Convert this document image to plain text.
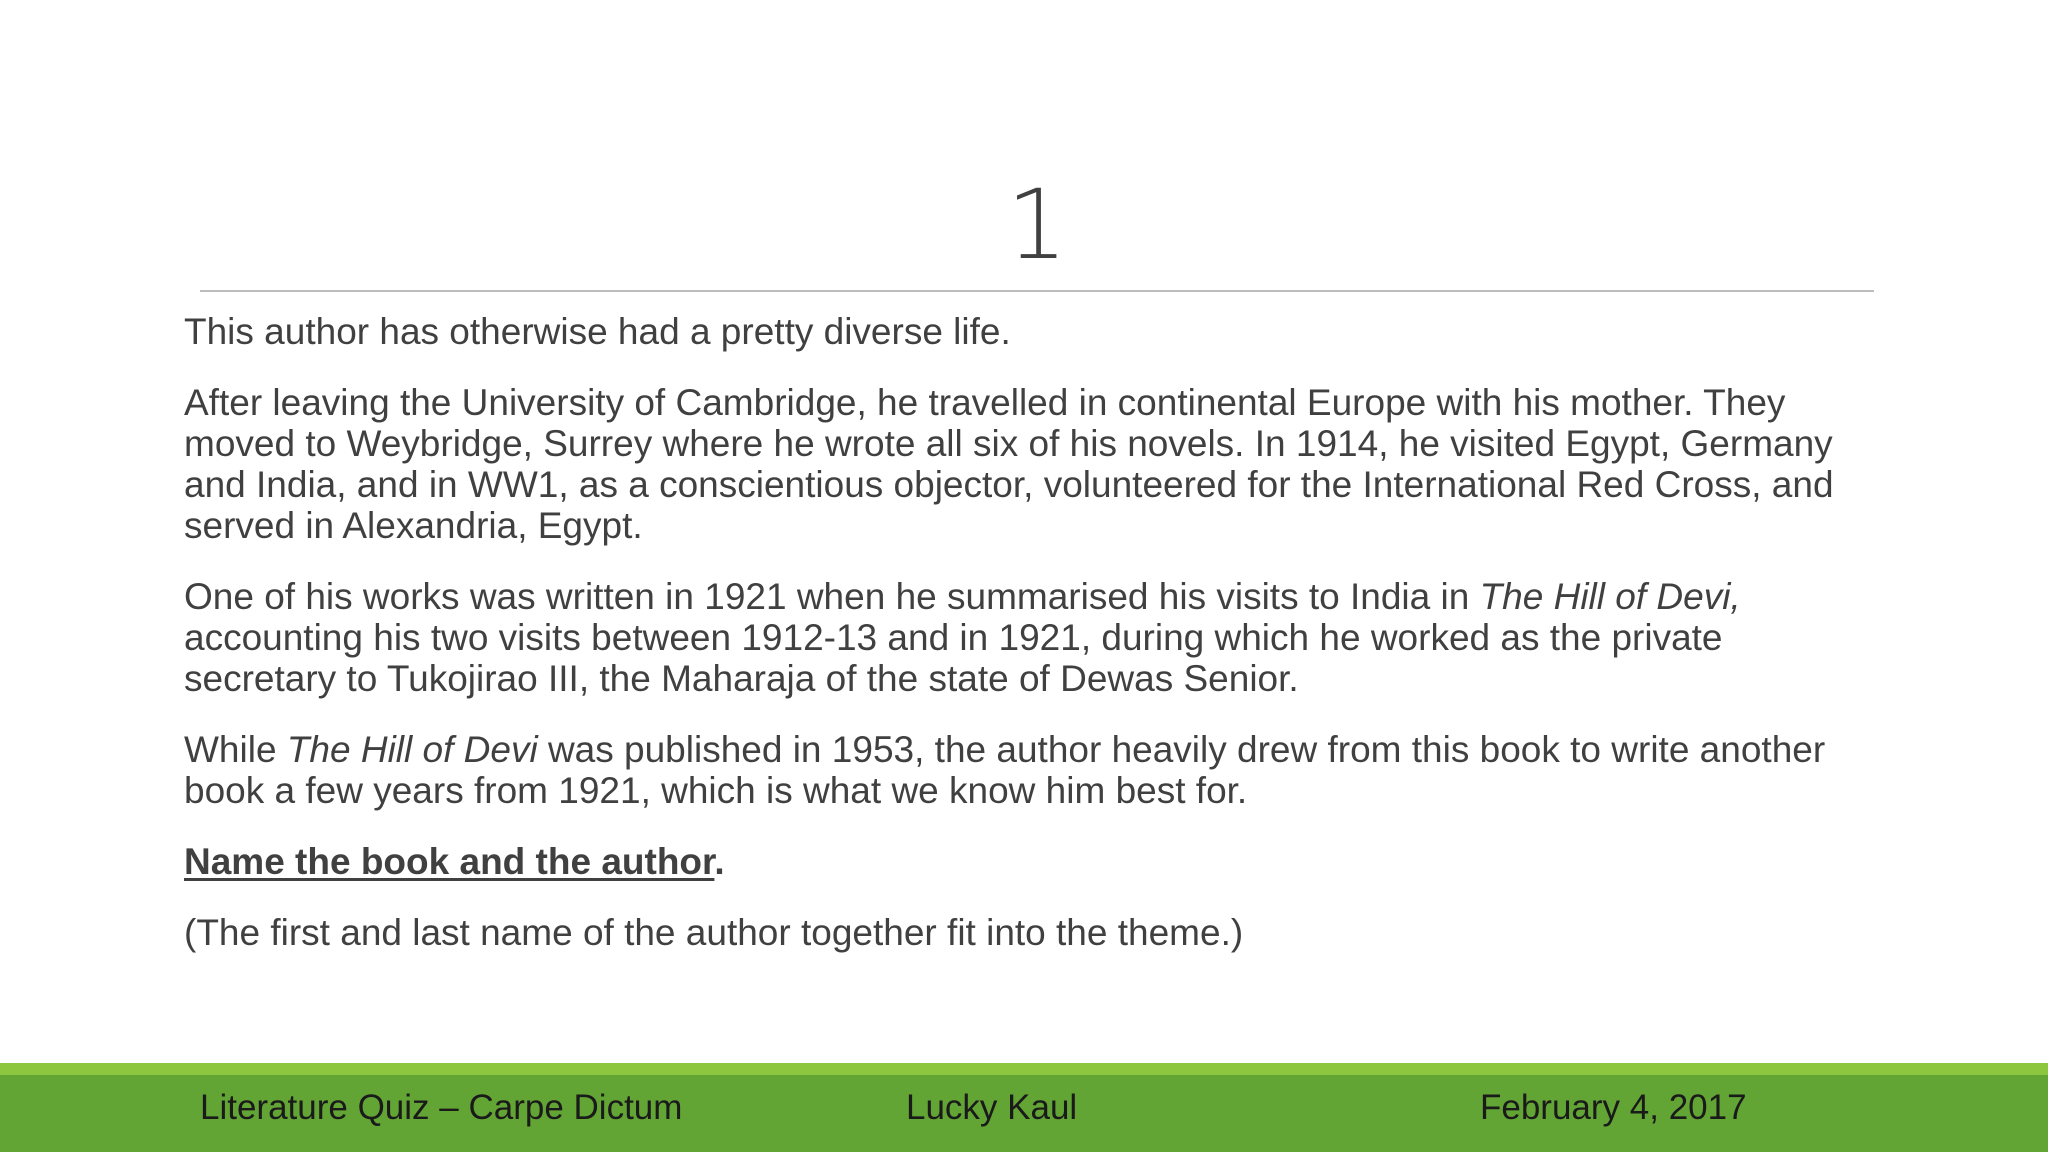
1

This author has otherwise had a pretty diverse life.

After leaving the University of Cambridge, he travelled in continental Europe with his mother. They moved to Weybridge, Surrey where he wrote all six of his novels. In 1914, he visited Egypt, Germany and India, and in WW1, as a conscientious objector, volunteered for the International Red Cross, and served in Alexandria, Egypt.

One of his works was written in 1921 when he summarised his visits to India in The Hill of Devi, accounting his two visits between 1912-13 and in 1921, during which he worked as the private secretary to Tukojirao III, the Maharaja of the state of Dewas Senior.

While The Hill of Devi was published in 1953, the author heavily drew from this book to write another book a few years from 1921, which is what we know him best for.

Name the book and the author.

(The first and last name of the author together fit into the theme.)

Literature Quiz – Carpe Dictum	Lucky Kaul	February 4, 2017
